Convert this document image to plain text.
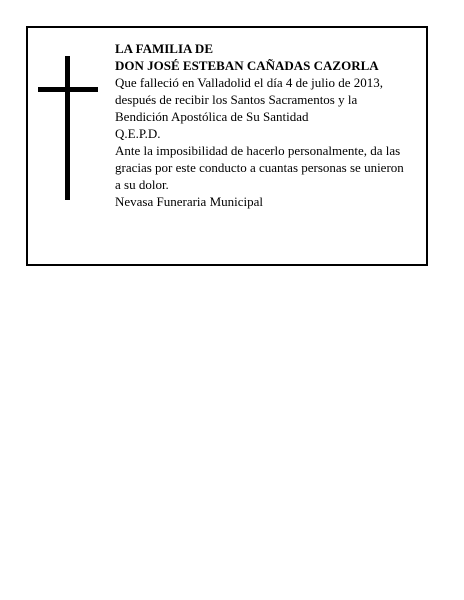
LA FAMILIA DE
DON JOSÉ ESTEBAN CAÑADAS CAZORLA
Que falleció en Valladolid el día 4 de julio de 2013,
después de recibir los Santos Sacramentos y la
Bendición Apostólica de Su Santidad
Q.E.P.D.
Ante la imposibilidad de hacerlo personalmente, da las
gracias por este conducto a cuantas personas se unieron
a su dolor.
Nevasa Funeraria Municipal
